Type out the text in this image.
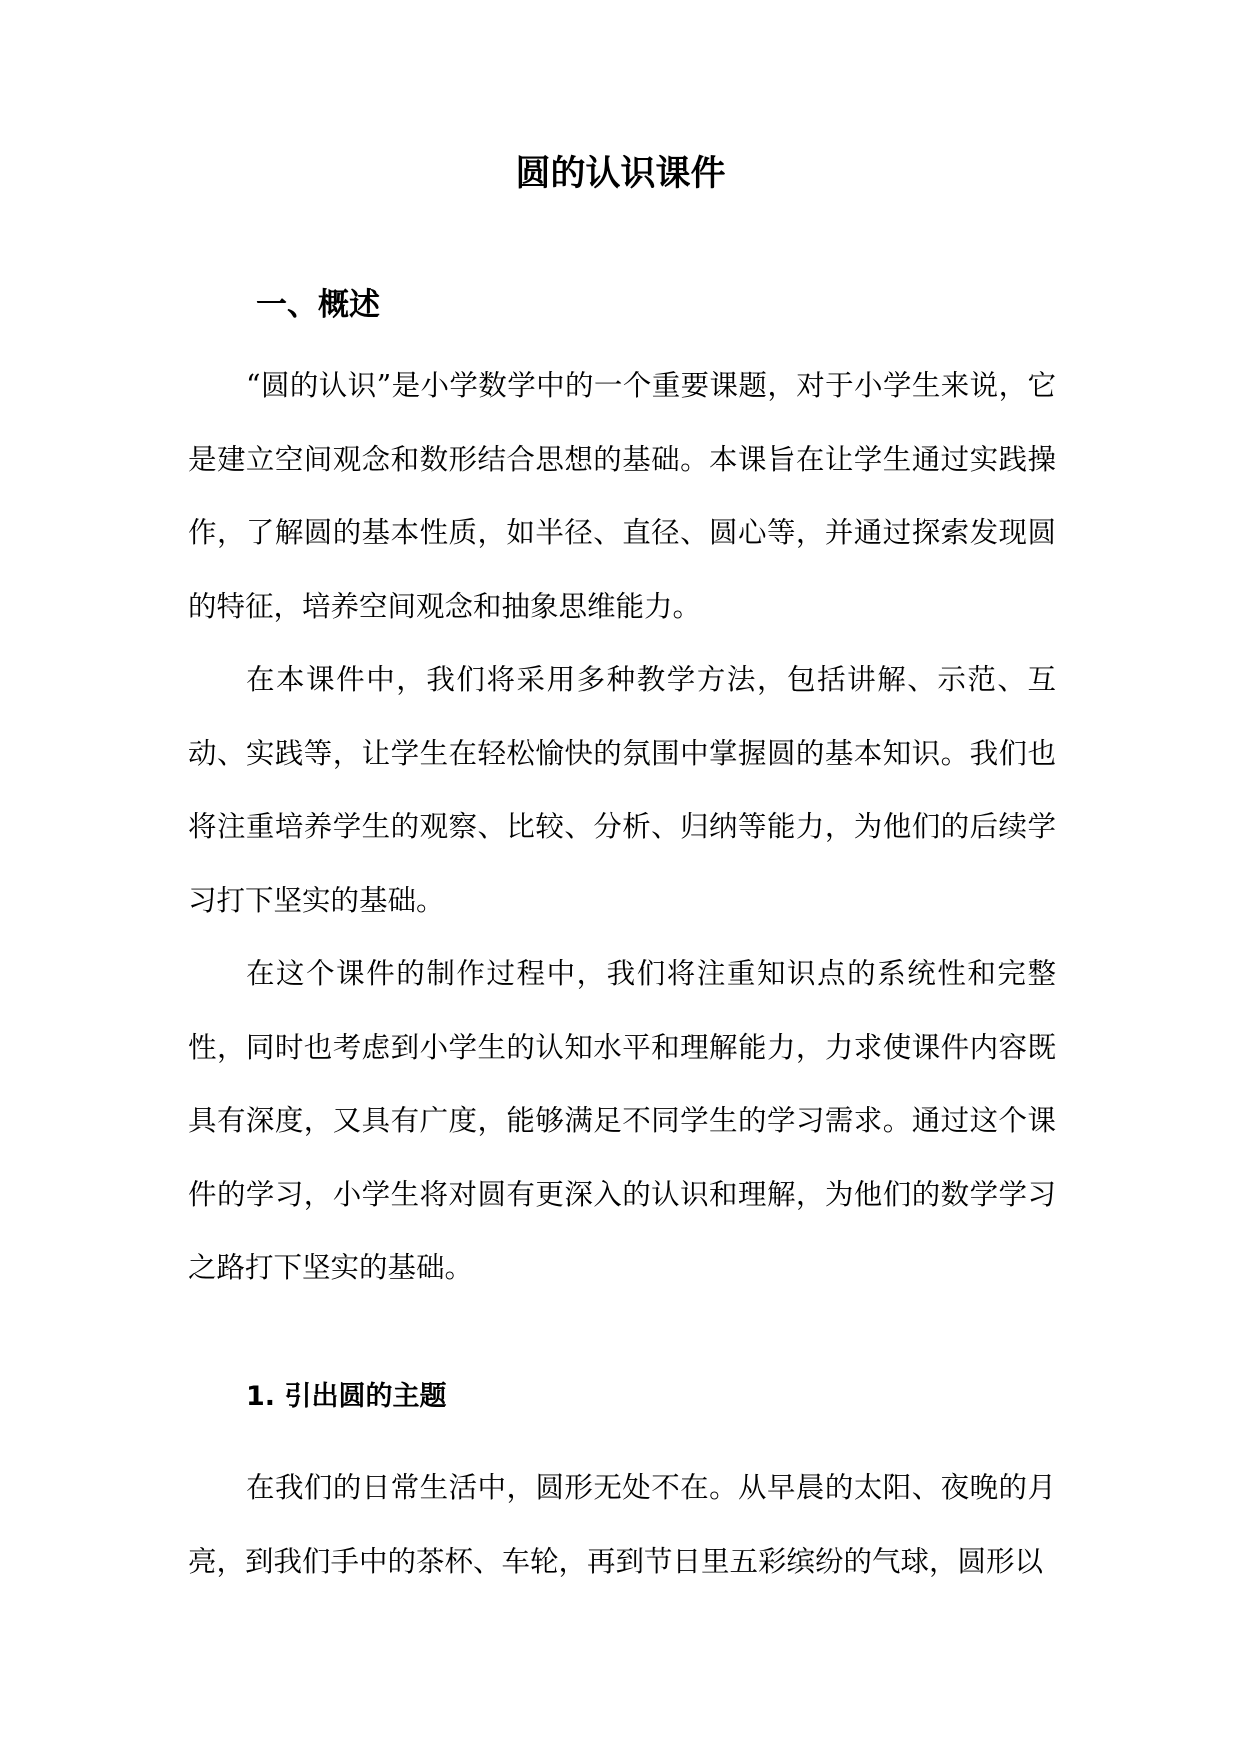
圆的认识课件
一、概述

“圆的认识”是小学数学中的一个重要课题，对于小学生来说，它是建立空间观念和数形结合思想的基础。本课旨在让学生通过实践操作，了解圆的基本性质，如半径、直径、圆心等，并通过探索发现圆的特征，培养空间观念和抽象思维能力。

在本课件中，我们将采用多种教学方法，包括讲解、示范、互动、实践等，让学生在轻松愉快的氛围中掌握圆的基本知识。我们也将注重培养学生的观察、比较、分析、归纳等能力，为他们的后续学习打下坚实的基础。

在这个课件的制作过程中，我们将注重知识点的系统性和完整性，同时也考虑到小学生的认知水平和理解能力，力求使课件内容既具有深度，又具有广度，能够满足不同学生的学习需求。通过这个课件的学习，小学生将对圆有更深入的认识和理解，为他们的数学学习之路打下坚实的基础。

1. 引出圆的主题

在我们的日常生活中，圆形无处不在。从早晨的太阳、夜晚的月亮，到我们手中的茶杯、车轮，再到节日里五彩缤纷的气球，圆形以
